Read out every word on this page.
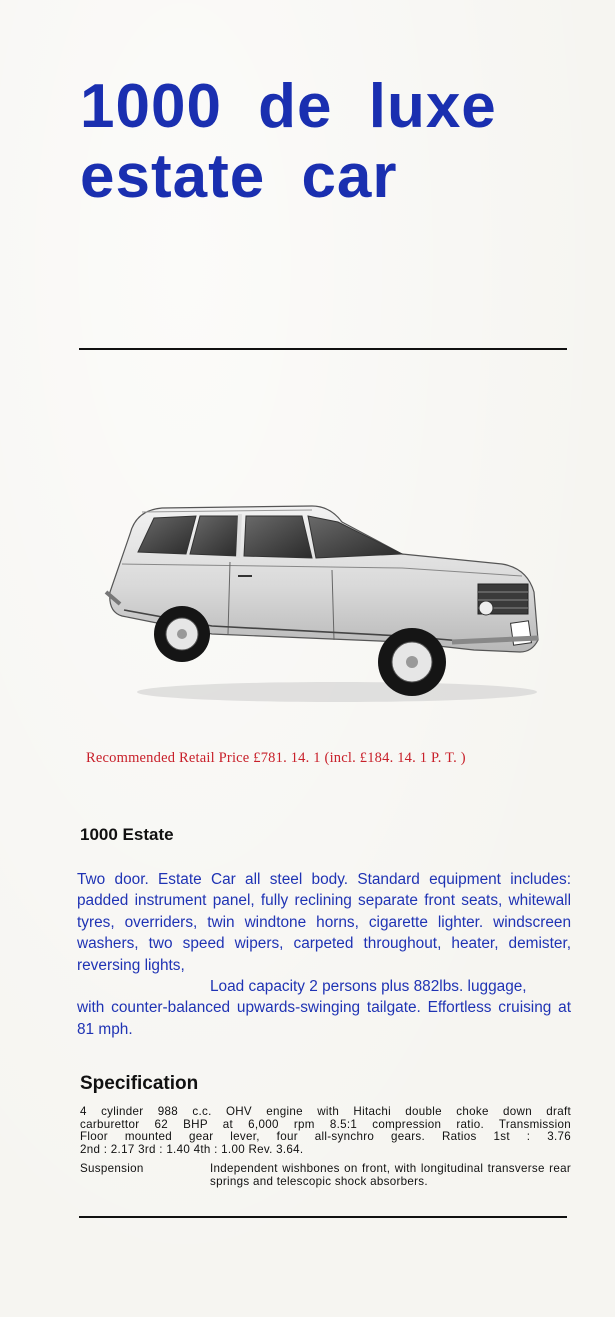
1000 de luxe
estate car
Recommended Retail Price £781. 14. 1 (incl. £184. 14. 1 P. T. )
1000 Estate

Two door. Estate Car all steel body. Standard equipment includes: padded instrument panel, fully reclining separate front seats, whitewall tyres, overriders, twin windtone horns, cigarette lighter. windscreen washers, two speed wipers, carpeted throughout, heater, demister, reversing lights,

Load capacity 2 persons plus 882lbs. luggage,

with counter-balanced upwards-swinging tailgate. Effortless cruising at 81 mph.

Specification

4 cylinder 988 c.c. OHV engine with Hitachi double choke down draft

carburettor 62 BHP at 6,000 rpm 8.5:1 compression ratio. Transmission

Floor mounted gear lever, four all-synchro gears. Ratios 1st : 3.76

2nd : 2.17 3rd : 1.40 4th : 1.00 Rev. 3.64.

Suspension	Independent wishbones on front, with longitudinal transverse rear springs and telescopic shock absorbers.
